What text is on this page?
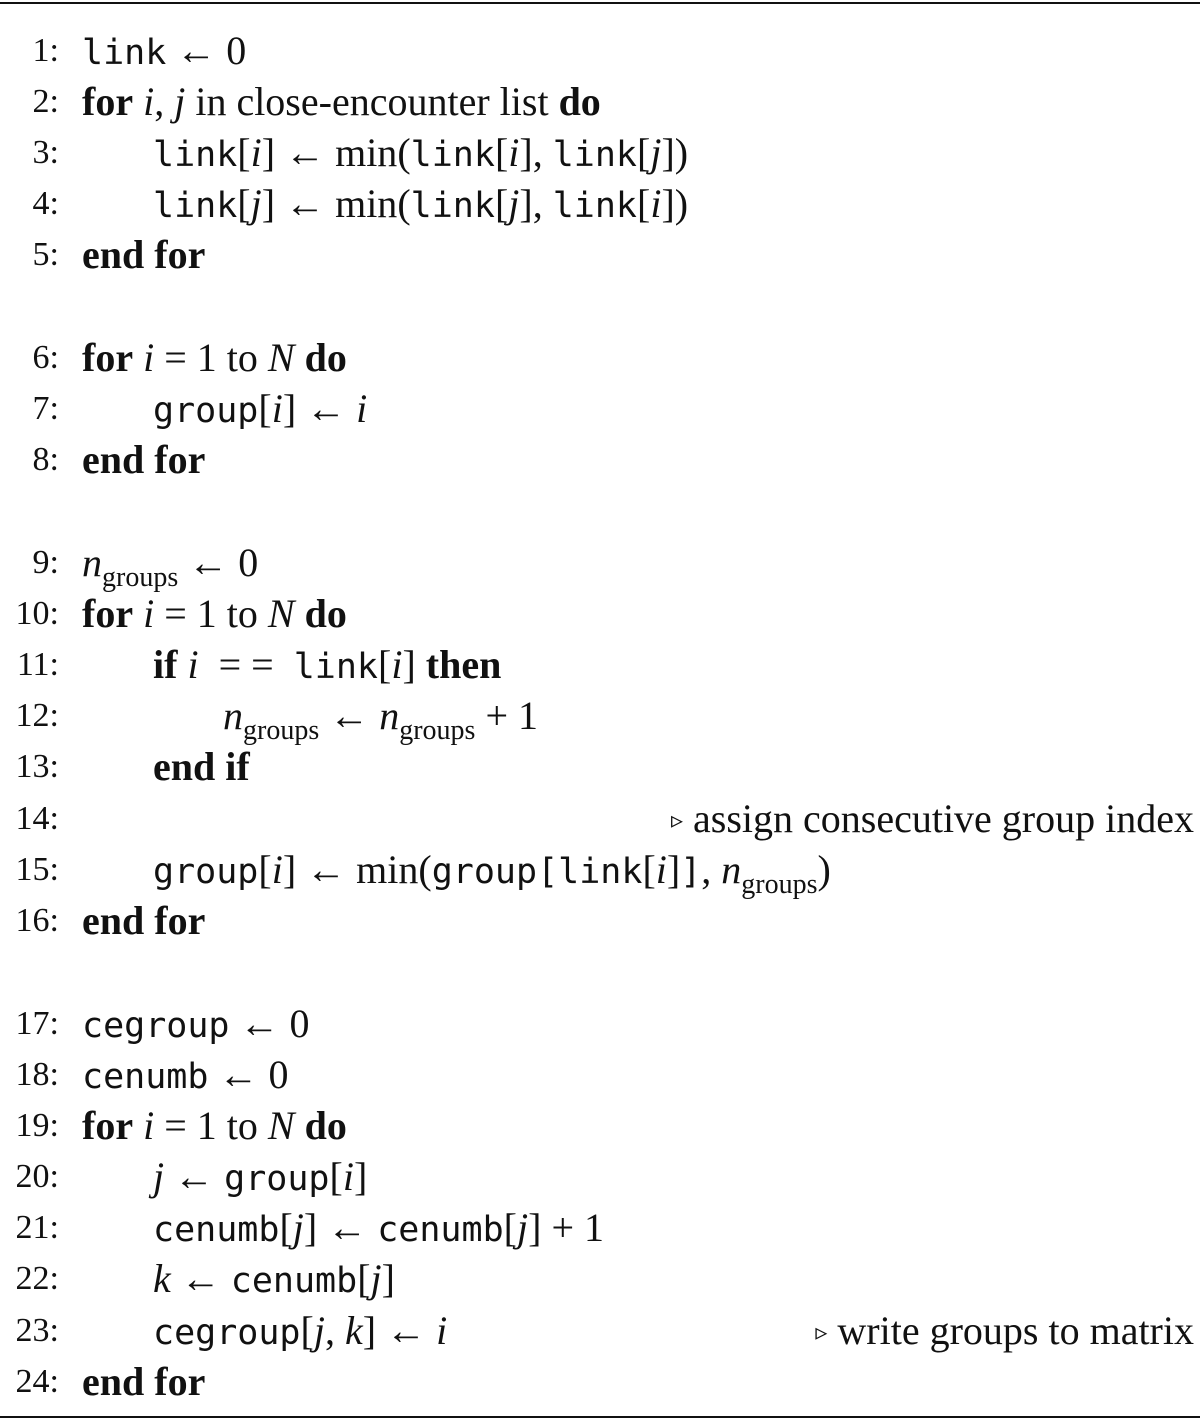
1: link ← 0
2: for i, j in close-encounter list do
3:	link[i] ← min(link[i], link[j])
4:	link[j] ← min(link[j], link[i])
5: end for
6: for i = 1 to N do
7:	group[i] ← i
8: end for
9: $n_{groups}$ ← 0
10: for i = 1 to N do
11: if i = = link[i] then
12:	$n_{groups}$ ← $n_{groups} + 1$
13: end if
14:	▹ assign consecutive group index
15:	group[i] ← min(group[link[i]], $n_{groups}$)
16: end for
17: cegroup ← 0
18: cenumb ← 0
19: for i = 1 to N do
20: j ← group[i]
21:	cenumb[j] ← cenumb[j] + 1
22: k ← cenumb[j]
23:	cegroup[j, k] ← i	▹ write groups to matrix
24: end for
